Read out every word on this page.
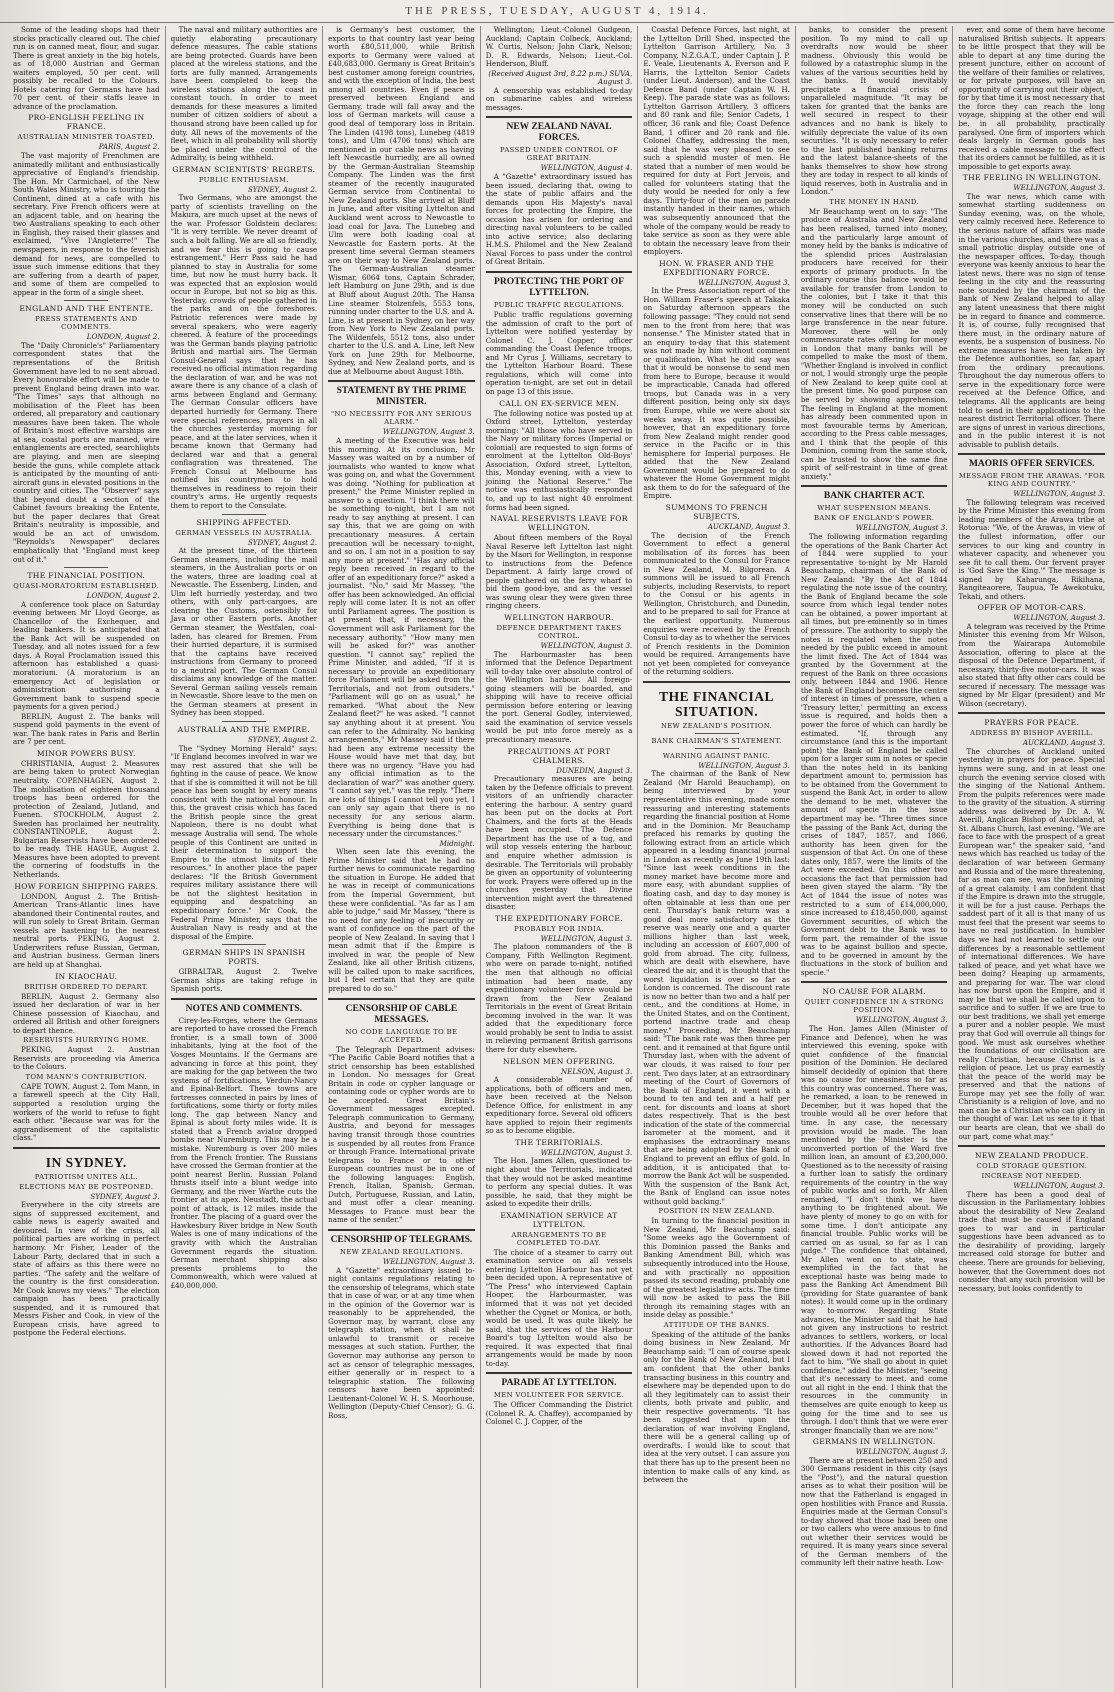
THE PRESS, TUESDAY, AUGUST 4, 1914.

Some of the leading shops had their stocks practically cleared out. The chief run is on canned meat, flour, and sugar. There is great anxiety in the big hotels, as of 18,000 Austrian and German waiters employed, 50 per cent. will possibly be recalled to the Colours. Hotels catering for Germans have had 70 per cent. of their staffs leave in advance of the proclamation.

PRO-ENGLISH FEELING IN FRANCE.
AUSTRALIAN MINISTER TOASTED.
PARIS, August 2.

The vast majority of Frenchmen are animatedly militant and enthusiastically appreciative of England's friendship. The Hon. Mr Carmichael, of the New South Wales Ministry, who is touring the Continent, dined at a cafe with his secretary. Five French officers were at an adjacent table, and on hearing the two Australians speaking to each other in English, they raised their glasses and exclaimed, "Vive l'Angleterre!" The newspapers, in response to the feverish demand for news, are compelled to issue such immense editions that they are suffering from a dearth of paper, and some of them are compelled to appear in the form of a single sheet.

ENGLAND AND THE ENTENTE.
PRESS STATEMENTS AND COMMENTS.
LONDON, August 2.

The "Daily Chronicle's" Parliamentary correspondent states that the representations of the British Government have led to no sent abroad. Every honourable effort will be made to prevent England being drawn into war. "The Times" says that although no mobilisation of the Fleet has been ordered, all preparatory and cautionary measures have been taken. The whole of Britain's most effective warships are at sea, coastal ports are manned, wire entanglements are erected, searchlights are playing, and men are sleeping beside the guns, while complete attack is anticipated by the mounting of anti-aircraft guns in elevated positions in the country and cities. The "Observer" says that beyond doubt a section of the Cabinet favours breaking the Entente, but the paper declares that Great Britain's neutrality is impossible, and would be an act of unwisdom. "Reynolds's Newspaper" declares emphatically that "England must keep out of it."

THE FINANCIAL POSITION.
QUASI-MORATORIUM ESTABLISHED.
LONDON, August 2.

A conference took place on Saturday evening between Mr Lloyd George, as Chancellor of the Exchequer, and leading bankers. It is anticipated that the Bank Act will be suspended on Tuesday, and all notes issued for a few days. A Royal Proclamation issued this afternoon has established a quasi-moratorium. (A moratorium is an emergency Act of legislation or administration authorising a Government bank to suspend specie payments for a given period.)

BERLIN, August 2. The banks will suspend gold payments in the event of war. The bank rates in Paris and Berlin are 7 per cent.

MINOR POWERS BUSY.

CHRISTIANIA, August 2. Measures are being taken to protect Norwegian neutrality. COPENHAGEN, August 2. The mobilisation of eighteen thousand troops has been ordered for the protection of Zealand, Jutland, and Fuenen. STOCKHOLM, August 2. Sweden has proclaimed her neutrality. CONSTANTINOPLE, August 2. Bulgarian Reservists have been ordered to be ready. THE HAGUE, August 2. Measures have been adopted to prevent the cornering of foodstuffs in the Netherlands.

HOW FOREIGN SHIPPING FARES.

LONDON, August 2. The British-American Trans-Atlantic lines have abandoned their Continental routes, and will run solely to Great Britain. German vessels are hastening to the nearest neutral ports. PEKING, August 2. Underwriters refuse Russian, German, and Austrian business. German liners are held up at Shanghai.

IN KIAOCHAU.
BRITISH ORDERED TO DEPART.

BERLIN, August 2. Germany also issued her declaration of war in her Chinese possession of Kiaochau, and ordered all British and other foreigners to depart thence.

RESERVISTS HURRYING HOME.

PEKING, August 2. Austrian Reservists are proceeding via America to the Colours.

TOM MANN'S CONTRIBUTION.

CAPE TOWN, August 2. Tom Mann, in a farewell speech at the City Hall, supported a resolution urging the workers of the world to refuse to fight each other. "Because war was for the aggrandisement of the capitalistic class."

IN SYDNEY.
PATRIOTISM UNITES ALL.
ELECTIONS MAY BE POSTPONED.
SYDNEY, August 3.

Everywhere in the city streets are signs of suppressed excitement, and cable news is eagerly awaited and devoured. In view of the crisis, all political parties are working in perfect harmony. Mr Fisher, Leader of the Labour Party, declared that in such a state of affairs as this there were no parties. "The safety and the welfare of the country is the first consideration. Mr Cook knows my views." The election campaign has been practically suspended, and it is rumoured that Messrs Fisher and Cook, in view of the European crisis, have agreed to postpone the Federal elections.

The naval and military authorities are quietly elaborating precautionary defence measures. The cable stations are being protected. Guards have been placed at the wireless stations, and the forts are fully manned. Arrangements have been completed to keep the wireless stations along the coast in constant touch. In order to meet demands for these measures a limited number of citizen soldiers of about a thousand strong have been called up for duty. All news of the movements of the fleet, which in all probability will shortly be placed under the control of the Admiralty, is being withheld.

GERMAN SCIENTISTS' REGRETS.
PUBLIC ENTHUSIASM.
SYDNEY, August 2.

Two Germans, who are amongst the party of scientists travelling on the Makura, are much upset at the news of the war. Professor Goldstein declares: "It is very terrible. We never dreamt of such a bolt falling. We are all so friendly, and we fear this is going to cause estrangement." Herr Pass said he had planned to stay in Australia for some time, but now he must hurry back. It was expected that an explosion would occur in Europe, but not so big as this. Yesterday, crowds of people gathered in the parks and on the foreshores. Patriotic references were made by several speakers, who were eagerly cheered. A feature of the proceedings was the German bands playing patriotic British and martial airs. The German Consul-General says that he has received no official intimation regarding the declaration of war, and he was not aware there is any chance of a clash of arms between England and Germany. The German Consular officers have departed hurriedly for Germany. There were special references, prayers in all the churches yesterday morning for peace, and at the later services, when it became known that Germany had declared war and that a general conflagration was threatened. The French Consul at Melbourne has notified his countrymen to hold themselves in readiness to rejoin their country's arms. He urgently requests them to report to the Consulate.

SHIPPING AFFECTED.
GERMAN VESSELS IN AUSTRALIA.
SYDNEY, August 2.

At the present time, of the thirteen German steamers, including the mail steamers, in the Australian ports or on the waters, three are loading coal at Newcastle. The Essenberg, Linden, and Ulm left hurriedly yesterday, and two others, with only part-cargoes, are clearing the Customs, ostensibly for Java or other Eastern ports. Another German steamer, the Westfalen, coal-laden, has cleared for Bremen. From their hurried departure, it is surmised that the captains have received instructions from Germany to proceed to a neutral port. The German Consul disclaims any knowledge of the matter. Several German sailing vessels remain in Newcastle. Shore leave to the men on the German steamers at present in Sydney has been stopped.

AUSTRALIA AND THE EMPIRE.
SYDNEY, August 2.

The "Sydney Morning Herald" says: "If England becomes involved in war we may rest assured that she will be fighting in the cause of peace. We know that if she is committed it will not be till peace has been sought by every means consistent with the national honour. In this, the gravest crisis which has faced the British people since the great Napoleon, there is no doubt what message Australia will send. The whole people of this Continent are united in their determination to support the Empire to the utmost limits of their resources." In another place the paper declares: "If the British Government requires military assistance there will be not the slightest hesitation in equipping and despatching an expeditionary force." Mr Cook, the Federal Prime Minister, says that the Australian Navy is ready and at the disposal of the Empire.

GERMAN SHIPS IN SPANISH PORTS.

GIBRALTAR, August 2. Twelve German ships are taking refuge in Spanish ports.

NOTES AND COMMENTS.

Cirey-les-Forges, where the Germans are reported to have crossed the French frontier, is a small town of 3000 inhabitants, lying at the foot of the Vosges Mountains. If the Germans are advancing in force at this point, they are making for the gap between the two systems of fortifications, Verdun-Nancy and Epinal-Belfort. These towns are fortresses connected in pairs by lines of fortifications, some thirty or forty miles long. The gap between Nancy and Epinal is about forty miles wide. It is stated that a French aviator dropped bombs near Nuremburg. This may be a mistake. Nuremburg is over 200 miles from the French frontier. The Russians have crossed the German frontier at the point nearest Berlin. Russian Poland thrusts itself into a blunt wedge into Germany, and the river Warthe cuts the frontier at its apex. Neustadt, the actual point of attack, is 12 miles inside the frontier. The placing of a guard over the Hawkesbury River bridge in New South Wales is one of many indications of the gravity with which the Australian Government regards the situation. German merchant shipping also presents problems to the Commonwealth, which were valued at £40,000,000.

is Germany's best customer, the exports to that country last year being worth £80,511,000, while British exports to Germany were valued at £40,683,000. Germany is Great Britain's best customer among foreign countries, and with the exception of India, the best among all countries. Even if peace is preserved between England and Germany, trade will fall away and the loss of German markets will cause a good deal of temporary loss in Britain. The Linden (4198 tons), Lunebeg (4819 tons), and Ulm (4706 tons) which are mentioned in our cable news as having left Newcastle hurriedly, are all owned by the German-Australian Steamship Company. The Linden was the first steamer of the recently inaugurated German service from Continental to New Zealand ports. She arrived at Bluff in June, and after visiting Lyttelton and Auckland went across to Newcastle to load coal for Java. The Lunebeg and Ulm were both loading coal at Newcastle for Eastern ports. At the present time several German steamers are on their way to New Zealand ports. The German-Australian steamer Wismar, 6064 tons, Captain Schrader, left Hamburg on June 29th, and is due at Bluff about August 20th. The Hansa Line steamer Stolzenfels, 5553 tons, running under charter to the U.S. and A. Line, is at present in Sydney, on her way from New York to New Zealand ports. The Wildenfels, 5512 tons, also under charter to the U.S. and A. Line, left New York on June 29th for Melbourne, Sydney, and New Zealand ports, and is due at Melbourne about August 18th.

STATEMENT BY THE PRIME MINISTER.
"NO NECESSITY FOR ANY SERIOUS ALARM."
WELLINGTON, August 3.

A meeting of the Executive was held this morning. At its conclusion, Mr Massey was waited on by a number of journalists who wanted to know what was going on, and what the Government was doing. "Nothing for publication at present," the Prime Minister replied in answer to a question. "I think there will be something to-night, but I am not ready to say anything at present. I can say this, that we are going on with precautionary measures. A certain precaution will be necessary to-night, and so on. I am not in a position to say any more at present." "Has any official reply been received in regard to the offer of an expeditionary force?" asked a journalist. "No," said Mr Massey, "the offer has been acknowledged. An official reply will come later. It is not an offer until Parliament agrees. The position is at present that, if necessary, the Government will ask Parliament for the necessary authority." "How many men will be asked for?" was another question. "I cannot say," replied the Prime Minister, and added, "If it is necessary to provide an expeditionary force Parliament will be asked from the Territorials, and not from outsiders." "Parliament will go on as usual," he remarked. "What about the New Zealand fleet?" he was asked. "I cannot say anything about it at present. You can refer to the Admiralty. No banking arrangements," Mr Massey said if there had been any extreme necessity the House would have met that day, but there was no urgency. "Have you had any official intimation as to the declaration of war?" was another query. "I cannot say yet," was the reply. "There are lots of things I cannot tell you yet. I can only say again that there is no necessity for any serious alarm. Everything is being done that is necessary under the circumstances."

Midnight.

When seen late this evening, the Prime Minister said that he had no further news to communicate regarding the situation in Europe. He added that he was in receipt of communications from the Imperial Government, but these were confidential. "As far as I am able to judge," said Mr Massey, "there is no need for any feeling of insecurity or want of confidence on the part of the people of New Zealand. In saying that I mean admit that if the Empire is involved in war, the people of New Zealand, like all other British citizens, will be called upon to make sacrifices, but I feel certain that they are quite prepared to do so."

CENSORSHIP OF CABLE MESSAGES.
NO CODE LANGUAGE TO BE ACCEPTED.

The Telegraph Department advises: "The Pacific Cable Board notifies that a strict censorship has been established in London. No messages for Great Britain in code or cypher language or containing code or cypher words are to be accepted. Great Britain's Government messages excepted. Telegraph communication to Germany, Austria, and beyond for messages having transit through those countries is suspended by all routes from France or through France. International private telegrams to France or to other European countries must be in one of the following languages: English, French, Italian, Spanish, German, Dutch, Portuguese, Russian, and Latin, and must offer a clear meaning. Messages to France must bear the name of the sender."

CENSORSHIP OF TELEGRAMS.
NEW ZEALAND REGULATIONS.
WELLINGTON, August 3.

A "Gazette" extraordinary issued to-night contains regulations relating to the censorship of telegrams, which state that in case of war, or at any time when in the opinion of the Governor war is reasonably to be apprehended, the Governor may, by warrant, close any telegraph station, when it shall be unlawful to transmit or receive messages at such station. Further, the Governor may authorise any person to act as censor of telegraphic messages, either generally or in respect to a telegraphic station. The following censors have been appointed: Lieutenant-Colonel W. H. S. Moorhouse, Wellington (Deputy-Chief Censor); G. G. Ross,

Wellington; Lieut.-Colonel Gudgeon, Auckland; Captain Colbeck, Auckland; W. Curtis, Nelson; John Clark, Nelson; D. R. Edwards, Nelson; Lieut.-Col. Henderson, Bluff.

(Received August 3rd, 8.22 p.m.) SUVA, August 3.

A censorship was established to-day on submarine cables and wireless messages.

NEW ZEALAND NAVAL FORCES.
PASSED UNDER CONTROL OF GREAT BRITAIN.
WELLINGTON, August 4.

A "Gazette" extraordinary issued has been issued, declaring that, owing to the state of public affairs and the demands upon His Majesty's naval forces for protecting the Empire, the occasion has arisen for ordering and directing naval volunteers to be called into active service; also declaring H.M.S. Philomel and the New Zealand Naval Forces to pass under the control of Great Britain.

PROTECTING THE PORT OF LYTTELTON.
PUBLIC TRAFFIC REGULATIONS.

Public traffic regulations governing the admission of craft to the port of Lyttelton were notified yesterday by Colonel C. J. Copper, officer commanding the Coast Defence troops, and Mr Cyrus J. Williams, secretary to the Lyttelton Harbour Board. These regulations, which will come into operation to-night, are set out in detail on page 13 of this issue.

CALL ON EX-SERVICE MEN.

The following notice was posted up at Oxford street, Lyttelton, yesterday morning: "All those who have served in the Navy or military forces (Imperial or colonial) are requested to sign forms of enrolment at the Lyttelton Old-Boys' Association, Oxford street, Lyttelton, this, Monday evening, with a view to joining the National Reserve." The notice was enthusiastically responded to, and up to last night 40 enrolment forms had been signed.

NAVAL RESERVISTS LEAVE FOR WELLINGTON.

About fifteen members of the Royal Naval Reserve left Lyttelton last night by the Maori for Wellington, in response to instructions from the Defence Department. A fairly large crowd of people gathered on the ferry wharf to bid them good-bye, and as the vessel was swung clear they were given three ringing cheers.

WELLINGTON HARBOUR.
DEFENCE DEPARTMENT TAKES CONTROL.
WELLINGTON, August 3.

The Harbourmaster has been informed that the Defence Department will to-day take over absolute control of the Wellington harbour. All foreign-going steamers will be boarded, and shipping will have to receive official permission before entering or leaving the port. General Godley, interviewed, said the examination of service vessels would be put into force merely as a precautionary measure.

PRECAUTIONS AT PORT CHALMERS.
DUNEDIN, August 3.

Precautionary measures are being taken by the Defence officials to prevent visitors of an unfriendly character entering the harbour. A sentry guard has been put on the docks at Port Chalmers, and the forts at the Heads have been occupied. The Defence Department has the use of a tug, and will stop vessels entering the harbour, and enquire whether admission is desirable. The Territorials will probably be given an opportunity of volunteering for work. Prayers were offered up in the churches yesterday that Divine intervention might avert the threatened disaster.

THE EXPEDITIONARY FORCE.
PROBABLY FOR INDIA.
WELLINGTON, August 3.

The platoon commanders of the B Company, Fifth Wellington Regiment, who were on parade to-night, notified the men that although no official intimation had been made, any expeditionary volunteer force would be drawn from the New Zealand Territorials in the event of Great Britain becoming involved in the war. It was added that the expeditionary force would probably be sent to India to assist in relieving permanent British garrisons there for duty elsewhere.

NELSON MEN OFFERING.
NELSON, August 3.

A considerable number of applications, both of officers and men, have been received at the Nelson Defence Office, for enlistment in any expeditionary force. Several old officers have applied to rejoin their regiments so as to become eligible.

THE TERRITORIALS.
WELLINGTON, August 3.

The Hon. James Allen, questioned to-night about the Territorials, indicated that they would not be asked meantime to perform any special duties. It was possible, he said, that they might be asked to expedite their drills.

EXAMINATION SERVICE AT LYTTELTON.
ARRANGEMENTS TO BE COMPLETED TO-DAY.

The choice of a steamer to carry out examination service on all vessels entering Lyttelton Harbour has not yet been decided upon. A representative of "The Press" who interviewed Captain Hooper, the Harbourmaster, was informed that it was not yet decided whether the Cygnet or Monica, or both, would be used. It was quite likely, he said, that the services of the Harbour Board's tug Lyttelton would also be required. It was expected that final arrangements would be made by noon to-day.

PARADE AT LYTTELTON.
MEN VOLUNTEER FOR SERVICE.

The Officer Commanding the District (Colonel R. A. Chaffey), accompanied by Colonel C. J. Copper, of the

Coastal Defence Forces, last night, at the Lyttelton Drill Shed, inspected the Lyttelton Garrison Artillery, No. 3 Company, N.Z.G.A.T., under Captain J. P. E. Veale, Lieutenants A. Everson and F. Harris, the Lyttelton Senior Cadets (under Lieut. Anderson), and the Coast Defence Band (under Captain W. H. Keep). The parade state was as follows: Lyttelton Garrison Artillery, 3 officers and 80 rank and file; Senior Cadets, 1 officer, 36 rank and file; Coast Defence Band, 1 officer and 20 rank and file. Colonel Chaffey, addressing the men, said that he was very pleased to see such a splendid muster of men. He stated that a number of men would be required for duty at Fort Jervois, and called for volunteers stating that the duty would be needed for only a few days. Thirty-four of the men on parade instantly handed in their names, which was subsequently announced that the whole of the company would be ready to take service as soon as they were able to obtain the necessary leave from their employers.

HON. W. FRASER AND THE EXPEDITIONARY FORCE.
WELLINGTON, August 3.

In the Press Association report of the Hon. William Fraser's speech at Takaka on Saturday afternoon appears the following passage: "They could not send men to the front from here; that was nonsense." The Minister stated that in an enquiry to-day that this statement was not made by him without comment or qualification. What he did say was that it would be nonsense to send men from here to Europe, because it would be impracticable. Canada had offered troops, but Canada was in a very different position, being only six days from Europe, while we were about six weeks away. It was quite possible, however, that an expeditionary force from New Zealand might render good service in the Pacific or in this hemisphere for Imperial purposes. He added that the New Zealand Government would be prepared to do whatever the Home Government might ask them to do for the safeguard of the Empire.

SUMMONS TO FRENCH SUBJECTS.
AUCKLAND, August 3.

The decision of the French Government to effect a general mobilisation of its forces has been communicated to the Consul for France in New Zealand, M. Bilgorean. A summons will be issued to all French subjects, including Reservists, to report to the Consul or his agents in Wellington, Christchurch, and Dunedin, and to be prepared to sail for France at the earliest opportunity. Numerous enquiries were received by the French Consul to-day as to whether the services of French residents in the Dominion would be required. Arrangements have not yet been completed for conveyance of the returning soldiers.

THE FINANCIAL SITUATION.
NEW ZEALAND'S POSITION.
BANK CHAIRMAN'S STATEMENT.
WARNING AGAINST PANIC.
WELLINGTON, August 3.

The chairman of the Bank of New Zealand (Mr Harold Beauchamp), on being interviewed by your representative this evening, made some reassuring and interesting statements regarding the financial position at Home and in the Dominion. Mr Beauchamp prefaced his remarks by quoting the following extract from an article which appeared in a leading financial journal in London as recently as June 19th last: "Since last week conditions in the money market have become more and more easy, with abundant supplies of floating cash, and day to day money is often obtainable at less than one per cent. Thursday's bank return was a good deal more satisfactory as the reserve was nearly one and a quarter millions higher than last week, including an accession of £607,000 of gold from abroad. The city, fullness, which are dealt with elsewhere, have cleared the air, and it is thought that the worst liquidation is over so far as London is concerned. The discount rate is now no better than two and a half per cent., and the conditions at Home, in the United States, and on the Continent, portend inactive trade and cheap money." Proceeding, Mr Beauchamp said: "The bank rate was then three per cent. and it remained at that figure until Thursday last, when with the advent of war clouds, it was raised to four per cent. Two days later, at an extraordinary meeting of the Court of Governors of the Bank of England, it went with a bound to ten and ten and a half per cent. for discounts and loans at short dates respectively. That is the best indication of the state of the commercial barometer at the moment, and it emphasises the extraordinary means that are being adopted by the Bank of England to prevent an efflux of gold. In addition, it is anticipated that to-morrow the Bank Act will be suspended. With the suspension of the Bank Act, the Bank of England can issue notes without gold backing."

POSITION IN NEW ZEALAND.

In turning to the financial position in New Zealand, Mr Beauchamp said: "Some weeks ago the Government of this Dominion passed the Banks and Banking Amendment Bill, which was subsequently introduced into the House, and with practically no opposition passed its second reading, probably one of the greatest legislative acts. The time will now be asked to pass the Bill through its remaining stages with an inside delay as possible."

ATTITUDE OF THE BANKS.

Speaking of the attitude of the banks doing business in New Zealand, Mr Beauchamp said: "I can of course speak only for the Bank of New Zealand, but I am confident that the other banks transacting business in this country and elsewhere may be depended upon to do all they legitimately can to assist their clients, both private and public, and their respective governments. "It has been suggested that upon the declaration of war involving England, there will be a general calling up of overdrafts. I would like to scout that idea at the very outset. I can assure you that there has up to the present been no intention to make calls of any kind, as between the

banks, to consider the present position. To my mind to call up overdrafts now would be sheer madness. Obviously this would be followed by a catastrophic slump in the values of the various securities held by the banks. It would inevitably precipitate a financial crisis of unparalleled magnitude. "It may be taken for granted that the banks are well secured in respect to their advances and no bank is likely to wilfully depreciate the value of its own securities. "It is only necessary to refer to the last published banking returns and the latest balance-sheets of the banks themselves to show how strong they are today in respect to all kinds of liquid reserves, both in Australia and in London."

THE MONEY IN HAND.

Mr Beauchamp went on to say: "The produce of Australia and New Zealand has been realised, turned into money, and the particularly large amount of money held by the banks is indicative of the splendid prices Australasian producers have received for their exports of primary products. In the ordinary course this balance would be available for transfer from London to the colonies, but I take it that this money will be conducted on such conservative lines that there will be no large transference in the near future. Moreover, there will be only commensurate rates offering for money in London that many banks will be compelled to make the most of them. "Whether England is involved in conflict or not, I would strongly urge the people of New Zealand to keep quite cool at the present time. No good purpose can be served by showing apprehension. The feeling in England at the moment has already been commented upon in most favourable terms by American, according to the Press cable messages, and I think that the people of this Dominion, coming from the same stock, can be trusted to show the same fine spirit of self-restraint in time of great anxiety."

BANK CHARTER ACT.
WHAT SUSPENSION MEANS.
BANK OF ENGLAND'S POWER.
WELLINGTON, August 3.

The following information regarding the operations of the Bank Charter Act of 1844 were supplied to your representative to-night by Mr Harold Beauchamp, chairman of the Bank of New Zealand: "By the Act of 1844 regulating the note issue of the country, the Bank of England became the sole source from which legal tender notes can be obtained, a power important at all times, but pre-eminently so in times of pressure. The authority to supply the notes is regulated when the notes needed by the public exceed in amount the limit fixed. The Act of 1844 was granted by the Government at the request of the Bank on three occasions only, between 1844 and 1906. Hence the Bank of England becomes the centre of interest in times of pressure, when a 'Treasury letter,' permitting an excess issue is required, and holds then a power the force of which can hardly be estimated. "If, through any circumstance (and this is the important point) the Bank of England be called upon for a larger sum in notes or specie than the notes held in its banking department amount to, permission has to be obtained from the Government to suspend the Bank Act, in order to allow the demand to be met, whatever the amount of specie in the issue department may be. "Three times since the passing of the Bank Act, during the crises of 1847, 1857, and 1866, authority has been given for the suspension of that Act. On one of these dates only, 1857, were the limits of the Act were exceeded. On this other two occasions the fact that permission had been given stayed the alarm. "By the Act of 1844 the issue of notes was restricted to a sum of £14,000,000, since increased to £18,450,000, against Government securities, of which the Government debt to the Bank was to form part, the remainder of the issue was to be against bullion and specie, and to be governed in amount by the fluctuations in the stock of bullion and specie."

NO CAUSE FOR ALARM.
QUIET CONFIDENCE IN A STRONG POSITION.
WELLINGTON, August 3.

The Hon. James Allen (Minister of Finance and Defence), when he was interviewed this evening, spoke with quiet confidence of the financial position of the Dominion. He declared himself decidedly of opinion that there was no cause for uneasiness so far as this country was concerned. There was, he remarked, a loan to be renewed in December, but it was hoped that the trouble would all be over before that time. In any case, the necessary provision would be made. The loan mentioned by the Minister is the unconverted portion of the Ward five million loan, an amount of £3,200,000. Questioned as to the necessity of raising a further loan to satisfy the ordinary requirements of the country in the way of public works and so forth, Mr Allen remarked, "I don't think we have anything to be frightened about. We have plenty of money to go on with for some time. I don't anticipate any financial trouble. Public works will be carried on as usual, so far as I can judge." The confidence that obtained, Mr Allen went on to state, was exemplified in the fact that he exceptional haste was being made to pass the Banking Act Amendment Bill (providing for State guarantee of bank notes). It would come up in the ordinary way to-morrow. Regarding State advances, the Minister said that he had not given any instructions to restrict advances to settlers, workers, or local authorities. If the Advances Board had slowed down it had not reported the fact to him. "We shall go about in quiet confidence," added the Minister, "seeing that it's necessary to meet, and come out all right in the end. I think that the resources in the community in themselves are quite enough to keep us going for the time and to see us through. I don't think that we were ever stronger financially than we are now."

GERMANS IN WELLINGTON.
WELLINGTON, August 3.

There are at present between 250 and 300 Germans resident in this city (says the "Post"), and the natural question arises as to what their position will be now that the Fatherland is engaged in open hostilities with France and Russia. Enquiries made at the German Consul's to-day showed that those had been one or two callers who were anxious to find out whether their services would be required. It is many years since several of the German members of the community left their native heath. Low-

ever, and some of them have become naturalised British subjects. It appears to be little prospect that they will be able to depart at any time during the present juncture, either on account of the welfare of their families or relatives, or for private purposes, will have an opportunity of carrying out their object, for by that time it is most necessary that the force they can reach the long voyage, shipping at the other end will be, in all probability, practically paralysed. One firm of importers which deals largely in German goods has received a cable message to the effect that its orders cannot be fulfilled, as it is impossible to get exports away.

THE FEELING IN WELLINGTON.
WELLINGTON, August 3.

The war news, which came with somewhat startling suddenness on Sunday evening, was, on the whole, very calmly received here. Reference to the serious nature of affairs was made in the various churches, and there was a small patriotic display outside one of the newspaper offices. To-day, though everyone was keenly anxious to hear the latest news, there was no sign of tense feeling in the city and the reassuring note sounded by the chairman of the Bank of New Zealand helped to allay any latent uneasiness that there might be in regard to finance and commerce. It is, of course, fully recognised that there must, in the ordinary nature of events, be a suspension of business. No extreme measures have been taken by the Defence authorities, so far, apart from the ordinary precautions. Throughout the day numerous offers to serve in the expeditionary force were received at the Defence Office, and telegrams. All the applicants are being told to send in their applications to the nearest district Territorial officer. There are signs of unrest in various directions, and in the public interest it is not advisable to publish details.

MAORIS OFFER SERVICES.
MESSAGE FROM THE ARAWAS. "FOR KING AND COUNTRY."
WELLINGTON, August 3.

The following telegram was received by the Prime Minister this evening from leading members of the Arawa tribe at Rotorua: "We, of the Arawas, in view of the fullest information, offer our services to our king and country in whatever capacity, and whenever you see fit to call them. Our fervent prayer is 'God Save the King.'" The message is signed by Kaharunga, Rikihana, Rangiteaorere, Taupua, Te Awekotuku, Tekati, and others.

OFFER OF MOTOR-CARS.
WELLINGTON, August 3.

A telegram was received by the Prime Minister this evening from Mr Wilson, from the Wairarapa Automobile Association, offering to place at the disposal of the Defence Department, if necessary, thirty-five motor-cars. It was also stated that fifty other cars could be secured if necessary. The message was signed by Mr Elgar (president) and Mr Wilson (secretary).

PRAYERS FOR PEACE.
ADDRESS BY BISHOP AVERILL.
AUCKLAND, August 3.

The churches of Auckland united yesterday in prayers for peace. Special hymns were sung, and in at least one church the evening service closed with the singing of the National Anthem. From the pulpits references were made to the gravity of the situation. A stirring address was delivered by Dr. A. W. Averill, Anglican Bishop of Auckland, at St. Albans Church, last evening. "We are face to face with the prospect of a great European war," the speaker said, "and news which has reached us today of the declaration of war between Germany and Russia and of the more threatening, far as man can see, was the beginning of a great calamity. I am confident that if the Empire is drawn into the struggle, it will be for a just cause. Perhaps the saddest part of it all is that many of us must feel that the present war seems to have no real justification. In humbler days we had not learned to settle our differences by a reasonable settlement of international differences. We have talked of peace, and yet what have we been doing? Heaping up armaments, and preparing for war. The war cloud has now burst upon the Empire, and it may be that we shall be called upon to sacrifice and to suffer. If we are true to our best traditions, we shall yet emerge a purer and a nobler people. We must pray that God will overrule all things for good. We must ask ourselves whether the foundations of our civilisation are really Christian, because Christ is a religion of peace. Let us pray earnestly that the peace of the world may be preserved and that the nations of Europe may yet see the folly of war. Christianity is a religion of love, and no man can be a Christian who can glory in the thought of war. Let us see to it that our hearts are clean, that we shall do our part, come what may."

NEW ZEALAND PRODUCE.
COLD STORAGE QUESTION.
INCREASE NOT NEEDED.
WELLINGTON, August 3.

There has been a good deal of discussion in the Parliamentary lobbies about the desirability of New Zealand trade that must be caused if England goes to war and in particular suggestions have been advanced as to the desirability of providing, largely increased cold storage for butter and cheese. There are grounds for believing, however, that the Government does not consider that any such provision will be necessary, but looks confidently to
